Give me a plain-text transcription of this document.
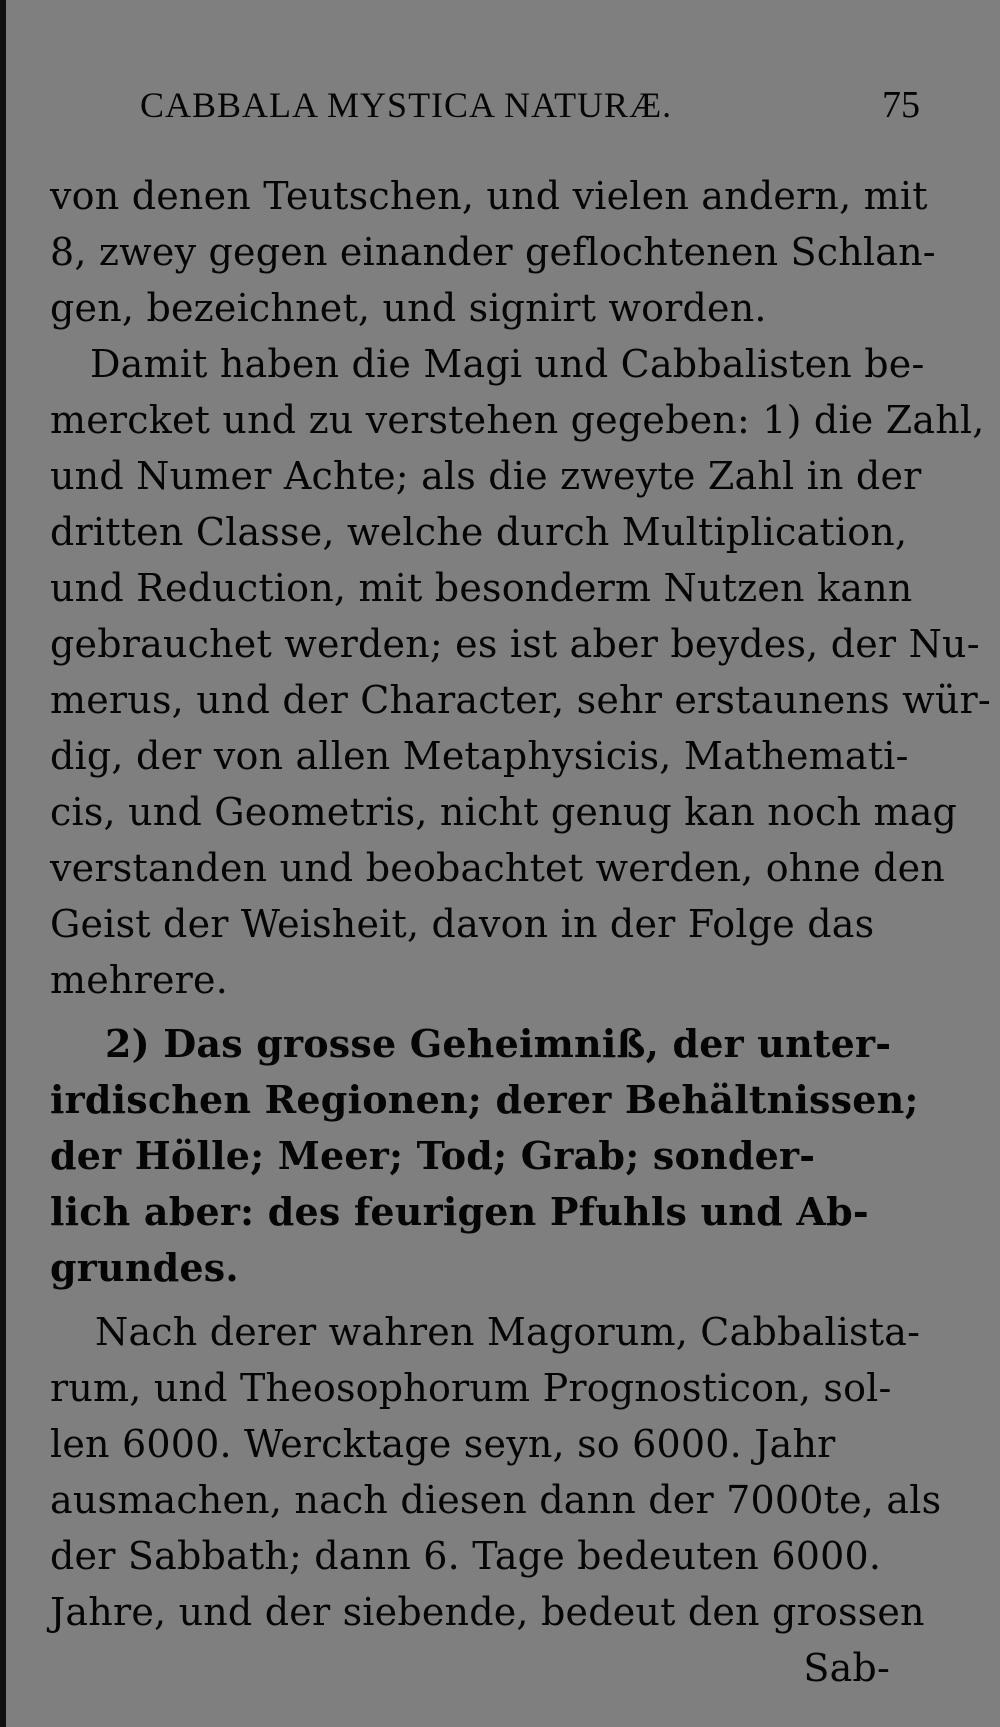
CABBALA MYSTICA NATURÆ.	75
von denen Teutschen, und vielen andern, mit
8, zwey gegen einander geflochtenen Schlan-
gen, bezeichnet, und signirt worden.
Damit haben die Magi und Cabbalisten be-
mercket und zu verstehen gegeben: 1) die Zahl,
und Numer Achte; als die zweyte Zahl in der
dritten Classe, welche durch Multiplication,
und Reduction, mit besonderm Nutzen kann
gebrauchet werden; es ist aber beydes, der Nu-
merus, und der Character, sehr erstaunens wür-
dig, der von allen Metaphysicis, Mathemati-
cis, und Geometris, nicht genug kan noch mag
verstanden und beobachtet werden, ohne den
Geist der Weisheit, davon in der Folge das
mehrere.
2) Das grosse Geheimniß, der unter-
irdischen Regionen; derer Behältnissen;
der Hölle; Meer; Tod; Grab; sonder-
lich aber: des feurigen Pfuhls und Ab-
grundes.
Nach derer wahren Magorum, Cabbalista-
rum, und Theosophorum Prognosticon, sol-
len 6000. Wercktage seyn, so 6000. Jahr
ausmachen, nach diesen dann der 7000te, als
der Sabbath; dann 6. Tage bedeuten 6000.
Jahre, und der siebende, bedeut den grossen
Sab-
